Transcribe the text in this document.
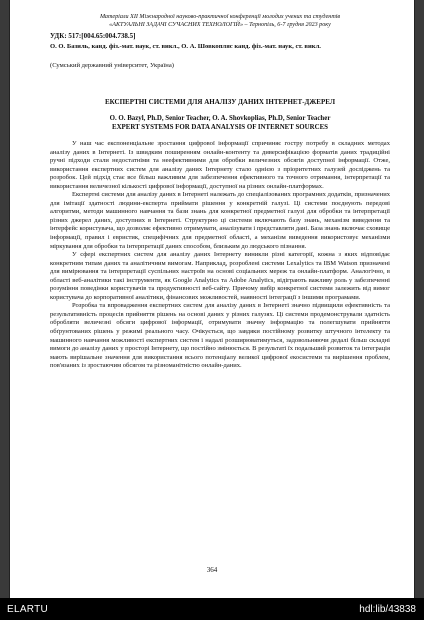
Матеріали XII Міжнародної науково-практичної конференції молодих учених та студентів
«АКТУАЛЬНІ ЗАДАЧІ СУЧАСНИХ ТЕХНОЛОГІЙ» – Тернопіль, 6-7 грудня 2023 року
УДК: 517:[004.65:004.738.5]
О. О. Базиль, канд. фіз.-мат. наук, ст. викл., О. А. Шовкопляс канд. фіз.-мат. наук, ст. викл.
(Сумський державний університет, Україна)
ЕКСПЕРТНІ СИСТЕМИ ДЛЯ АНАЛІЗУ ДАНИХ ІНТЕРНЕТ-ДЖЕРЕЛ
O. O. Bazyl, Ph.D, Senior Teacher, O. A. Shovkoplias, Ph.D, Senior Teacher
EXPERT SYSTEMS FOR DATA ANALYSIS OF INTERNET SOURCES

У наш час експоненціальне зростання цифрової інформації спричиняє гостру потребу в складних методах аналізу даних в Інтернеті. Із швидким поширенням онлайн-контенту та диверсифікацією форматів даних традиційні ручні підходи стали недостатніми та неефективними для обробки величезних обсягів доступної інформації. Отже, використання експертних систем для аналізу даних Інтернету стало однією з пріоритетних галузей досліджень та розробок. Цей підхід стає все більш важливим для забезпечення ефективного та точного отримання, інтерпретації та використання величезної кількості цифрової інформації, доступної на різних онлайн-платформах.

Експертні системи для аналізу даних в Інтернеті належать до спеціалізованих програмних додатків, призначених для імітації здатності людини-експерта приймати рішення у конкретній галузі. Ці системи поєднують передові алгоритми, методи машинного навчання та бази знань для конкретної предметної галузі для обробки та інтерпретації різних джерел даних, доступних в Інтернеті. Структурно ці системи включають базу знань, механізм виведення та інтерфейс користувача, що дозволяє ефективно отримувати, аналізувати і представляти дані. База знань включає сховище інформації, правил і евристик, специфічних для предметної області, а механізм виведення використовує механізми міркування для обробки та інтерпретації даних способом, близьким до людського пізнання.

У сфері експертних систем для аналізу даних Інтернету виникли різні категорії, кожна з яких відповідає конкретним типам даних та аналітичним вимогам. Наприклад, розроблені системи Lexalytics та IBM Watson призначені для вимірювання та інтерпретації суспільних настроїв на основі соціальних мереж та онлайн-платформ. Аналогічно, в області веб-аналітики такі інструменти, як Google Analytics та Adobe Analytics, відіграють важливу роль у забезпеченні розуміння поведінки користувачів та продуктивності веб-сайту. Причому вибір конкретної системи залежить від вимог користувача до корпоративної аналітики, фінансових можливостей, наявності інтеграції з іншими програмами.

Розробка та впровадження експертних систем для аналізу даних в Інтернеті значно підвищили ефективність та результативність процесів прийняття рішень на основі даних у різних галузях. Ці системи продемонстрували здатність обробляти величезні обсяги цифрової інформації, отримувати значну інформацію та полегшувати прийняття обґрунтованих рішень у режимі реального часу. Очікується, що завдяки постійному розвитку штучного інтелекту та машинного навчання можливості експертних систем і надалі розширюватимуться, задовольняючи дедалі більш складні вимоги до аналізу даних у просторі Інтернету, що постійно змінюється. В результаті їх подальший розвиток та інтеграція мають вирішальне значення для використання всього потенціалу великої цифрової екосистеми та вирішення проблем, пов'язаних із зростаючим обсягом та різноманітністю онлайн-даних.

364
ELARTU	hdl:lib/43838
